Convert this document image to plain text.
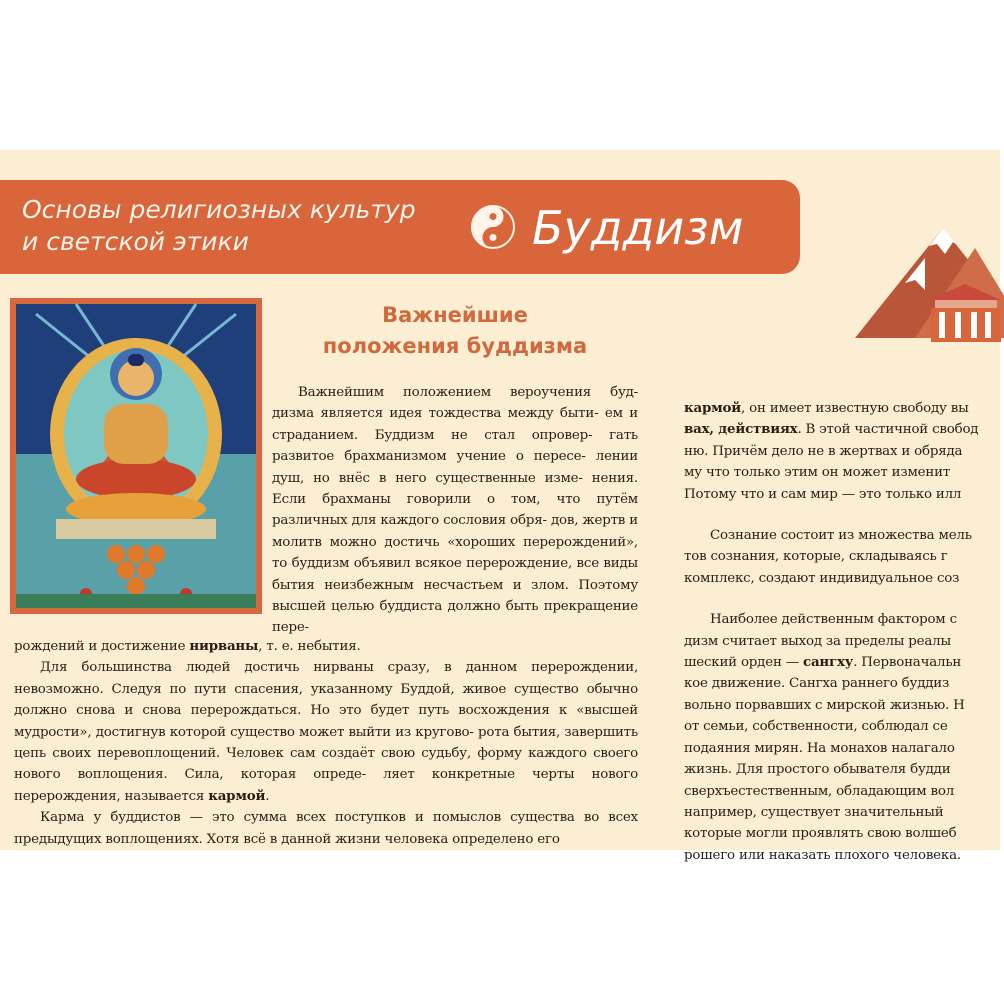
Основы религиозных культур
и светской этики	Буддизм

Важнейшие
положения буддизма

Важнейшим положением вероучения буд- дизма является идея тождества между быти- ем и страданием. Буддизм не стал опровер- гать развитое брахманизмом учение о пересе- лении душ, но внёс в него существенные изме- нения. Если брахманы говорили о том, что путём различных для каждого сословия обря- дов, жертв и молитв можно достичь «хороших перерождений», то буддизм объявил всякое перерождение, все виды бытия неизбежным несчастьем и злом. Поэтому высшей целью буддиста должно быть прекращение пере-

рождений и достижение нирваны, т. е. небытия.

Для большинства людей достичь нирваны сразу, в данном перерождении, невозможно. Следуя по пути спасения, указанному Буддой, живое существо обычно должно снова и снова перерождаться. Но это будет путь восхождения к «высшей мудрости», достигнув которой существо может выйти из кругово- рота бытия, завершить цепь своих перевоплощений. Человек сам создаёт свою судьбу, форму каждого своего нового воплощения. Сила, которая опреде- ляет конкретные черты нового перерождения, называется кармой.

Карма у буддистов — это сумма всех поступков и помыслов существа во всех предыдущих воплощениях. Хотя всё в данной жизни человека определено его

кармой, он имеет известную свободу вы
вах, действиях. В этой частичной свобод
ню. Причём дело не в жертвах и обряда
му что только этим он может изменит
Потому что и сам мир — это только илл

Сознание состоит из множества мель
тов сознания, которые, складываясь г
комплекс, создают индивидуальное соз

Наиболее действенным фактором с
дизм считает выход за пределы реалы
шеский орден — сангху. Первоначальн
кое движение. Сангха раннего буддиз
вольно порвавших с мирской жизнью. Н
от семьи, собственности, соблюдал се
подаяния мирян. На монахов налагало
жизнь. Для простого обывателя будди
сверхъестественным, обладающим вол
например, существует значительный
которые могли проявлять свою волшеб
рошего или наказать плохого человека.
